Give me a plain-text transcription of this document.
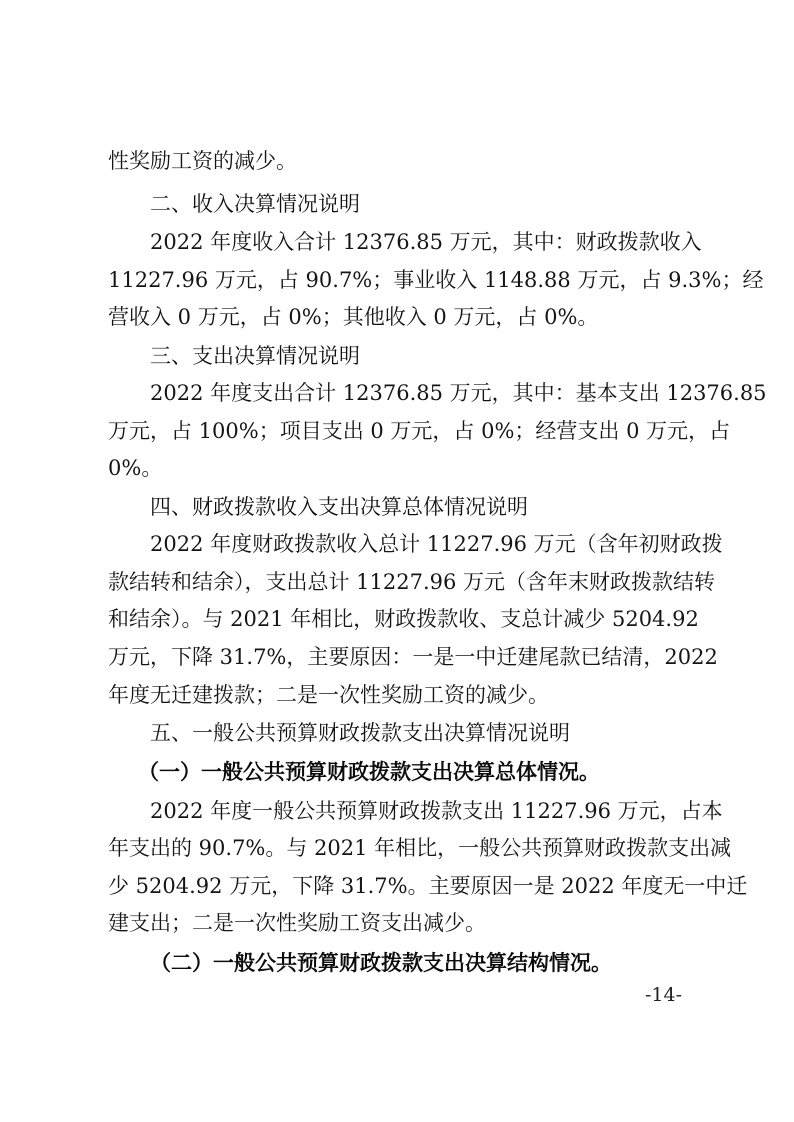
性奖励工资的减少。
二、收入决算情况说明
2022 年度收入合计 12376.85 万元，其中：财政拨款收入
11227.96 万元，占 90.7%；事业收入 1148.88 万元，占 9.3%；经
营收入 0 万元，占 0%；其他收入 0 万元，占 0%。
三、支出决算情况说明
2022 年度支出合计 12376.85 万元，其中：基本支出 12376.85
万元，占 100%；项目支出 0 万元，占 0%；经营支出 0 万元，占
0%。
四、财政拨款收入支出决算总体情况说明
2022 年度财政拨款收入总计 11227.96 万元（含年初财政拨
款结转和结余），支出总计 11227.96 万元（含年末财政拨款结转
和结余）。与 2021 年相比，财政拨款收、支总计减少 5204.92
万元，下降 31.7%，主要原因：一是一中迁建尾款已结清，2022
年度无迁建拨款；二是一次性奖励工资的减少。
五、一般公共预算财政拨款支出决算情况说明
（一）一般公共预算财政拨款支出决算总体情况。
2022 年度一般公共预算财政拨款支出 11227.96 万元，占本
年支出的 90.7%。与 2021 年相比，一般公共预算财政拨款支出减
少 5204.92 万元，下降 31.7%。主要原因一是 2022 年度无一中迁
建支出；二是一次性奖励工资支出减少。
（二）一般公共预算财政拨款支出决算结构情况。
-14-
